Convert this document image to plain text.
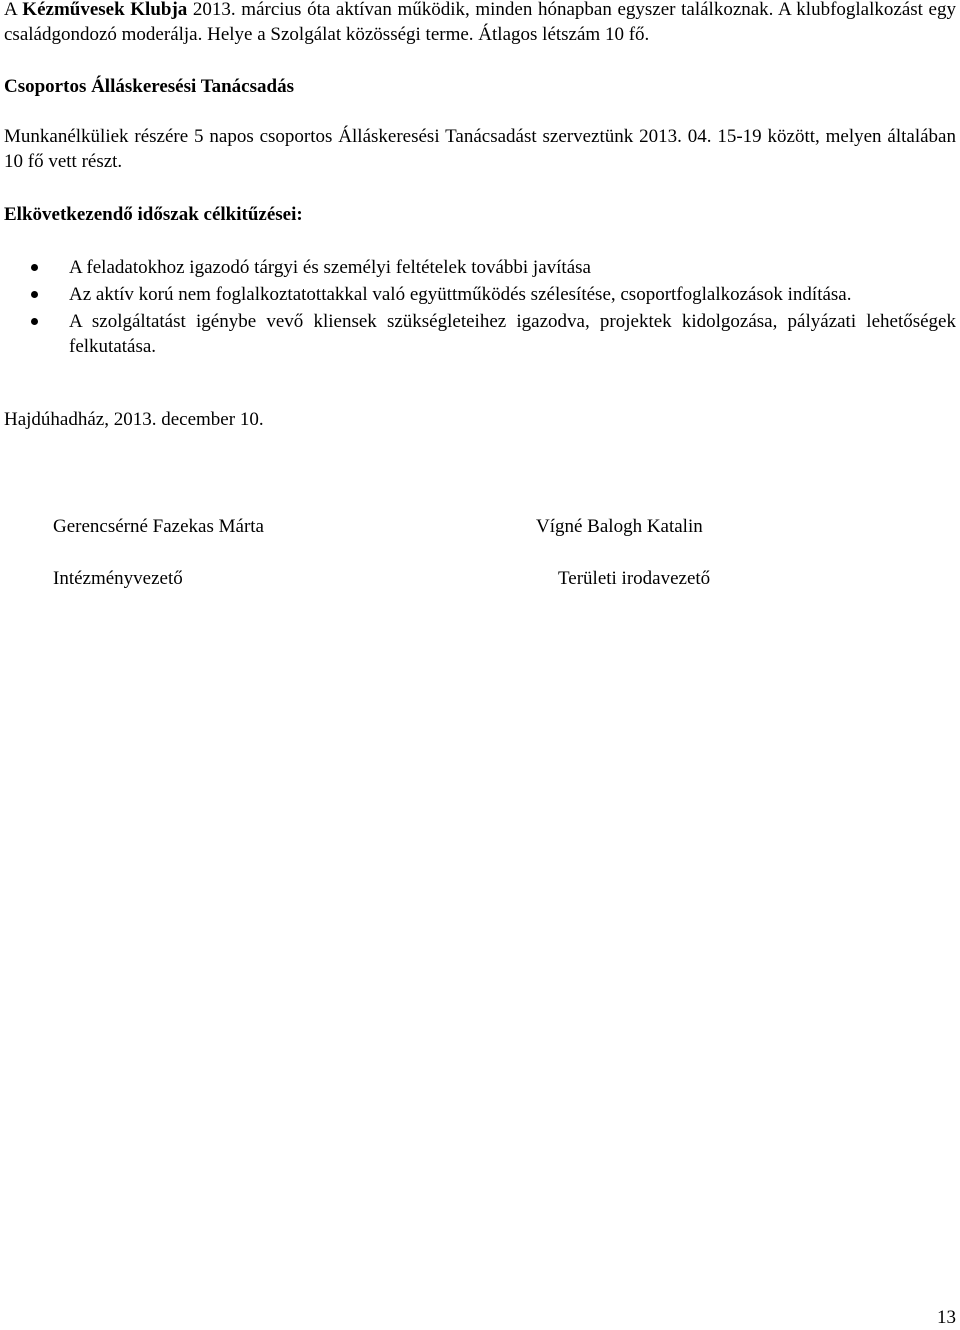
A Kézművesek Klubja 2013. március óta aktívan működik, minden hónapban egyszer találkoznak. A klubfoglalkozást egy családgondozó moderálja. Helye a Szolgálat közösségi terme. Átlagos létszám 10 fő.

Csoportos Álláskeresési Tanácsadás

Munkanélküliek részére 5 napos csoportos Álláskeresési Tanácsadást szerveztünk 2013. 04. 15-19 között, melyen általában 10 fő vett részt.

Elkövetkezendő időszak célkitűzései:

A feladatokhoz igazodó tárgyi és személyi feltételek további javítása
Az aktív korú nem foglalkoztatottakkal való együttműködés szélesítése, csoportfoglalkozások indítása.
A szolgáltatást igénybe vevő kliensek szükségleteihez igazodva, projektek kidolgozása, pályázati lehetőségek felkutatása.

Hajdúhadház, 2013. december 10.

Gerencsérné Fazekas Márta	Vígné Balogh Katalin
Intézményvezető	Területi irodavezető
13
